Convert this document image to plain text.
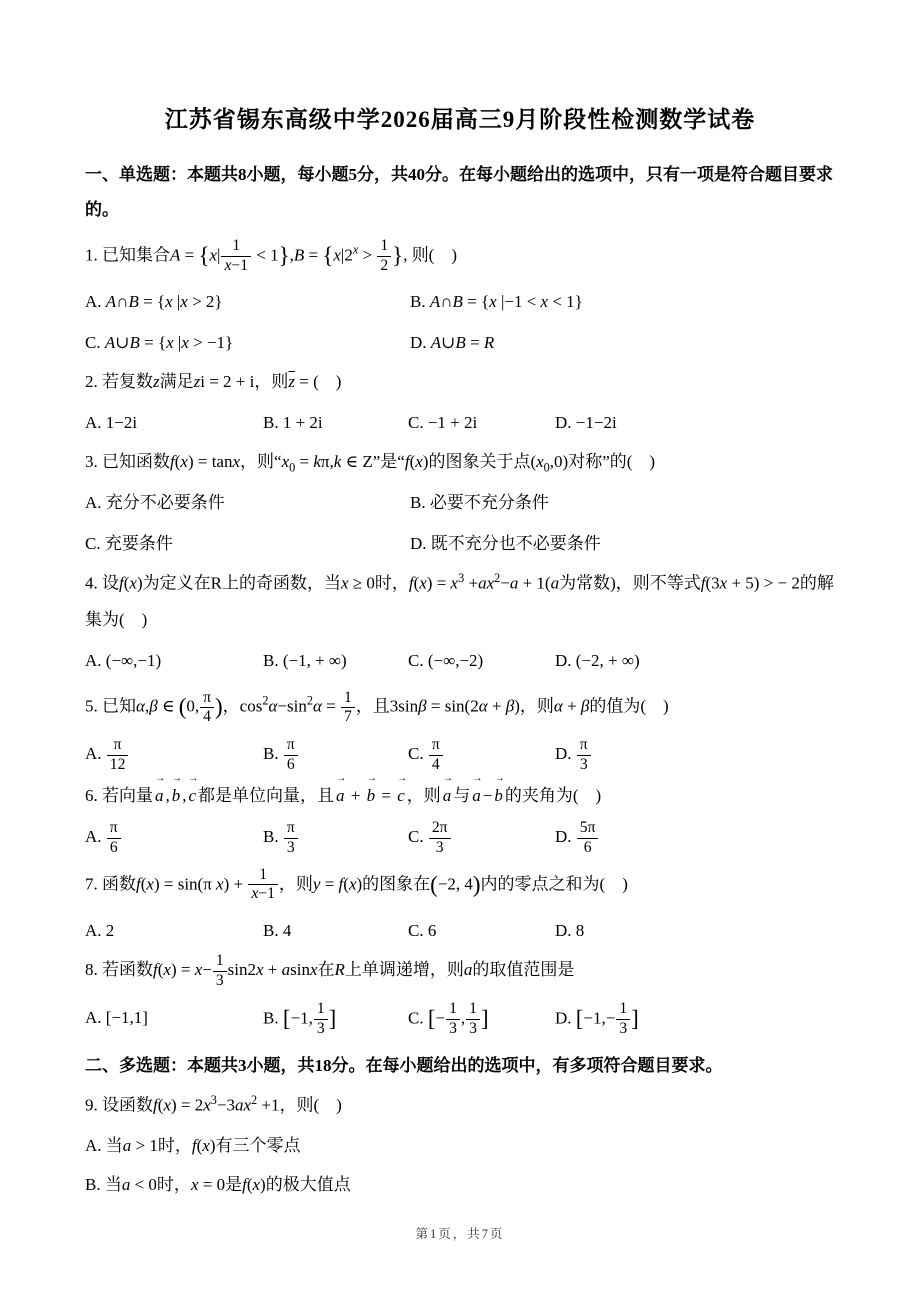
江苏省锡东高级中学2026届高三9月阶段性检测数学试卷

一、单选题：本题共8小题，每小题5分，共40分。在每小题给出的选项中，只有一项是符合题目要求的。

1. 已知集合$A = \{x| \frac{1}{x-1} < 1\},B = \{x|2^x > \frac{1}{2}$ }, 则(　)

A. A∩B = {x |x > 2}	B. A∩B = {x |−1 < x < 1}
C. A∪B = {x |x > −1}	D. A∪B = R

2. 若复数z满足zi = 2 + i，则$\overline{z}$ = (　)

A. 1−2i	B. 1 + 2i	C. −1 + 2i	D. −1−2i

3. 已知函数f(x) = tanx，则“$x_0 = k\pi,k$ ∈ Z”是“f(x)的图象关于点$(x_0,0)$对称”的(　)

A. 充分不必要条件	B. 必要不充分条件
C. 充要条件	D. 既不充分也不必要条件

4. 设f(x)为定义在R上的奇函数，当x ≥ 0时，$f(x) = x^3 +ax^2-a + 1(a$为常数)，则不等式f(3x + 5) > − 2的解集为(　)

A. (−∞,−1)	B. (−1, + ∞)	C. (−∞,−2)	D. (−2, + ∞)

5. 已知α,β ∈ (0, $\frac{\pi}{4}$ )，$\cos^2\alpha-\sin^2\alpha = \frac{1}{7}$ ，且3sinβ = sin(2α + β)，则α + β的值为(　)

A. $\frac{\pi}{12}$	B. $\frac{\pi}{6}$	C. $\frac{\pi}{4}$	D. $\frac{\pi}{3}$

6. 若向量 → a , → b , → c 都是单位向量，且 → a + → b = → c ，则 → a 与 → a − → b 的夹角为(　)

A. $\frac{\pi}{6}$	B. $\frac{\pi}{3}$	C. $\frac{2\pi}{3}$	D. $\frac{5\pi}{6}$

7. 函数f(x) = sin(π $x) + \frac{1}{x-1}$ ，则y = f(x)的图象在(−2, 4)内的零点之和为(　)

A. 2	B. 4	C. 6	D. 8

8. 若函数$f(x) = x- \frac{1}{3} \sin 2x + asinx$在R上单调递增，则a的取值范围是

A. [−1,1]	B. [−1, $\frac{1}{3}$ ]	C. [− $\frac{1}{3}$ , $\frac{1}{3}$ ]	D. [$-1,- \frac{1}{3}$ ]

二、多选题：本题共3小题，共18分。在每小题给出的选项中，有多项符合题目要求。

9. 设函数$f(x) = 2x^3-3ax^2 +1$，则(　)

A. 当a > 1时，f(x)有三个零点
B. 当a < 0时，x = 0是f(x)的极大值点
第1页，共7页
